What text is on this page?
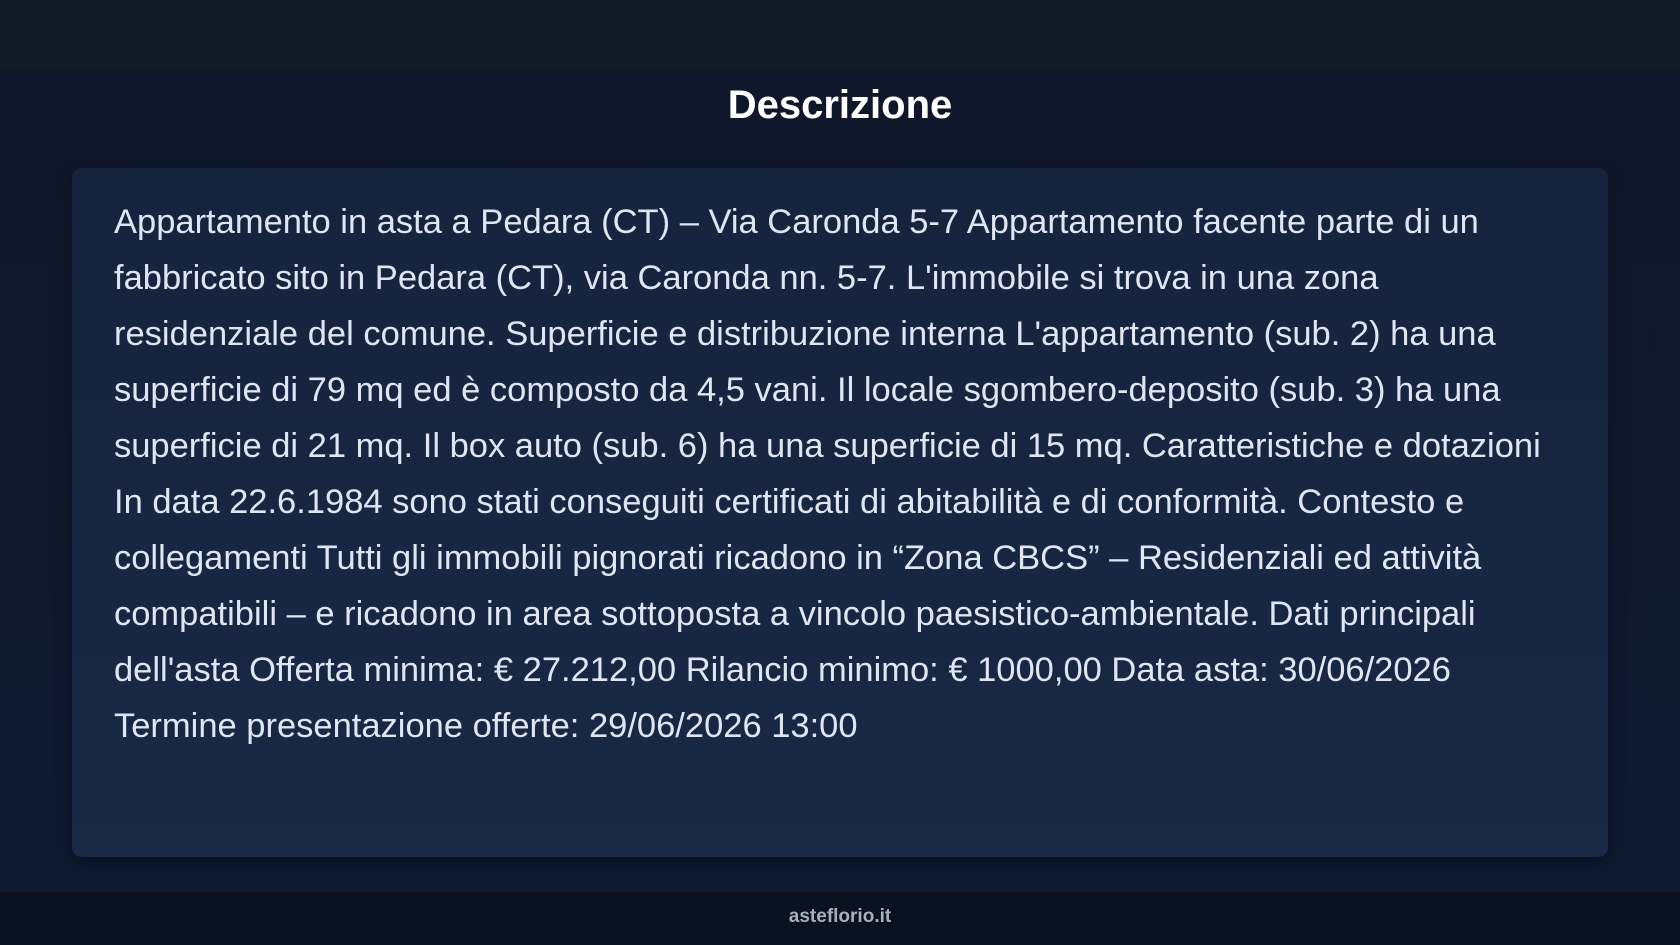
Descrizione

Appartamento in asta a Pedara (CT) – Via Caronda 5-7 Appartamento facente parte di un fabbricato sito in Pedara (CT), via Caronda nn. 5-7. L'immobile si trova in una zona residenziale del comune. Superficie e distribuzione interna L'appartamento (sub. 2) ha una superficie di 79 mq ed è composto da 4,5 vani. Il locale sgombero-deposito (sub. 3) ha una superficie di 21 mq. Il box auto (sub. 6) ha una superficie di 15 mq. Caratteristiche e dotazioni In data 22.6.1984 sono stati conseguiti certificati di abitabilità e di conformità. Contesto e collegamenti Tutti gli immobili pignorati ricadono in “Zona CBCS” – Residenziali ed attività compatibili – e ricadono in area sottoposta a vincolo paesistico-ambientale. Dati principali dell'asta Offerta minima: € 27.212,00 Rilancio minimo: € 1000,00 Data asta: 30/06/2026 Termine presentazione offerte: 29/06/2026 13:00

asteflorio.it
